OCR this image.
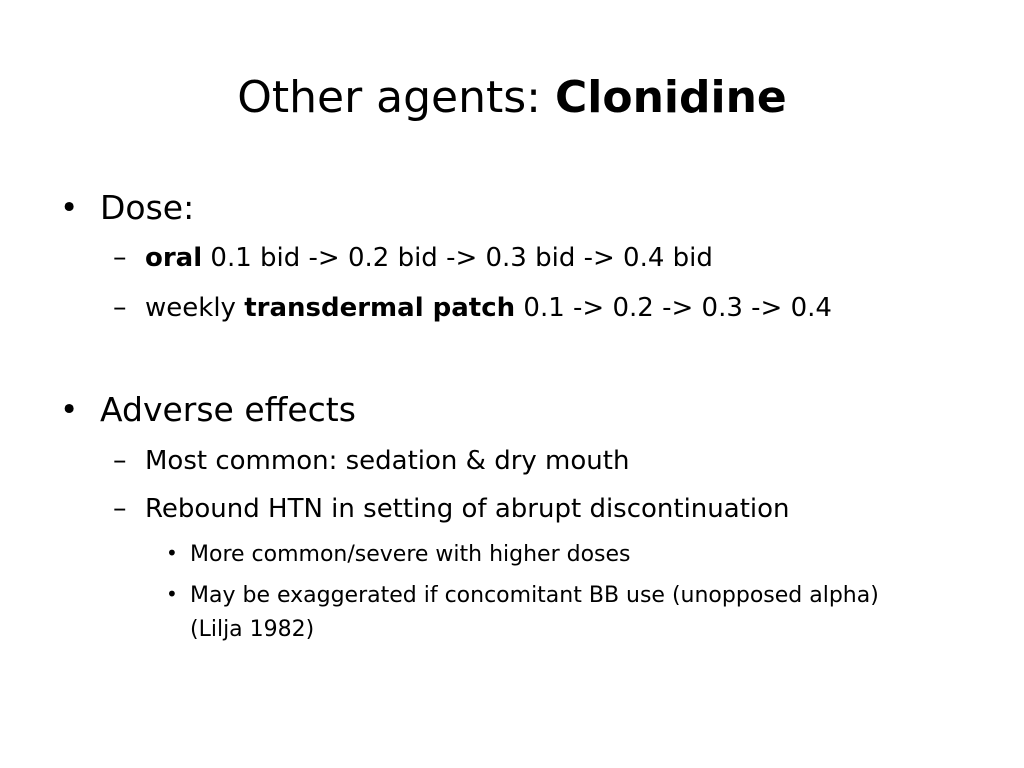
Other agents: Clonidine
• Dose:
– oral 0.1 bid -> 0.2 bid -> 0.3 bid -> 0.4 bid
– weekly transdermal patch 0.1 -> 0.2 -> 0.3 -> 0.4
• Adverse effects
– Most common: sedation & dry mouth
– Rebound HTN in setting of abrupt discontinuation
• More common/severe with higher doses
• May be exaggerated if concomitant BB use (unopposed alpha) (Lilja 1982)
